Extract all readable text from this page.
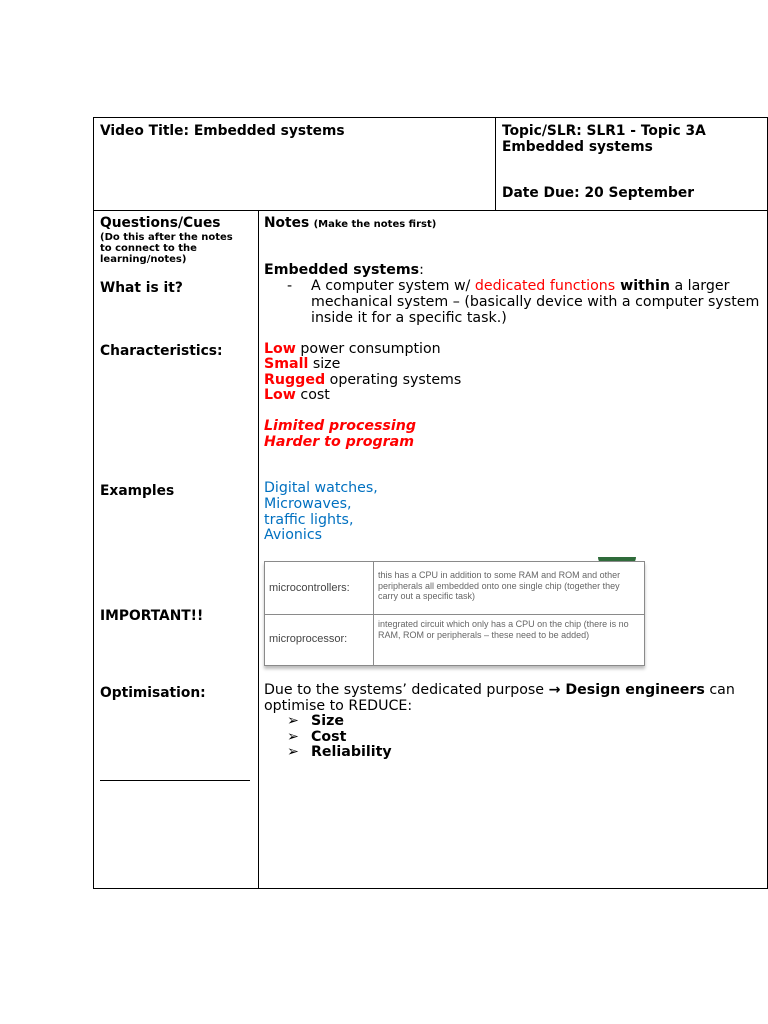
Video Title: Embedded systems	Topic/SLR: SLR1 - Topic 3A
Embedded systems
Date Due: 20 September
Questions/Cues
(Do this after the notes
to connect to the
learning/notes)
What is it?
Characteristics:
Examples
IMPORTANT!!
Optimisation:
Notes (Make the notes first)
Embedded systems:
- A computer system w/ dedicated functions within a larger
mechanical system – (basically device with a computer system
inside it for a specific task.)
Low power consumption
Small size
Rugged operating systems
Low cost
Limited processing
Harder to program
Digital watches,
Microwaves,
traffic lights,
Avionics
microcontrollers:
this has a CPU in addition to some RAM and ROM and other peripherals all embedded onto one single chip (together they carry out a specific task)
microprocessor:
integrated circuit which only has a CPU on the chip (there is no RAM, ROM or peripherals – these need to be added)
Due to the systems’ dedicated purpose → Design engineers can
optimise to REDUCE:
➢ Size
➢ Cost
➢ Reliability
